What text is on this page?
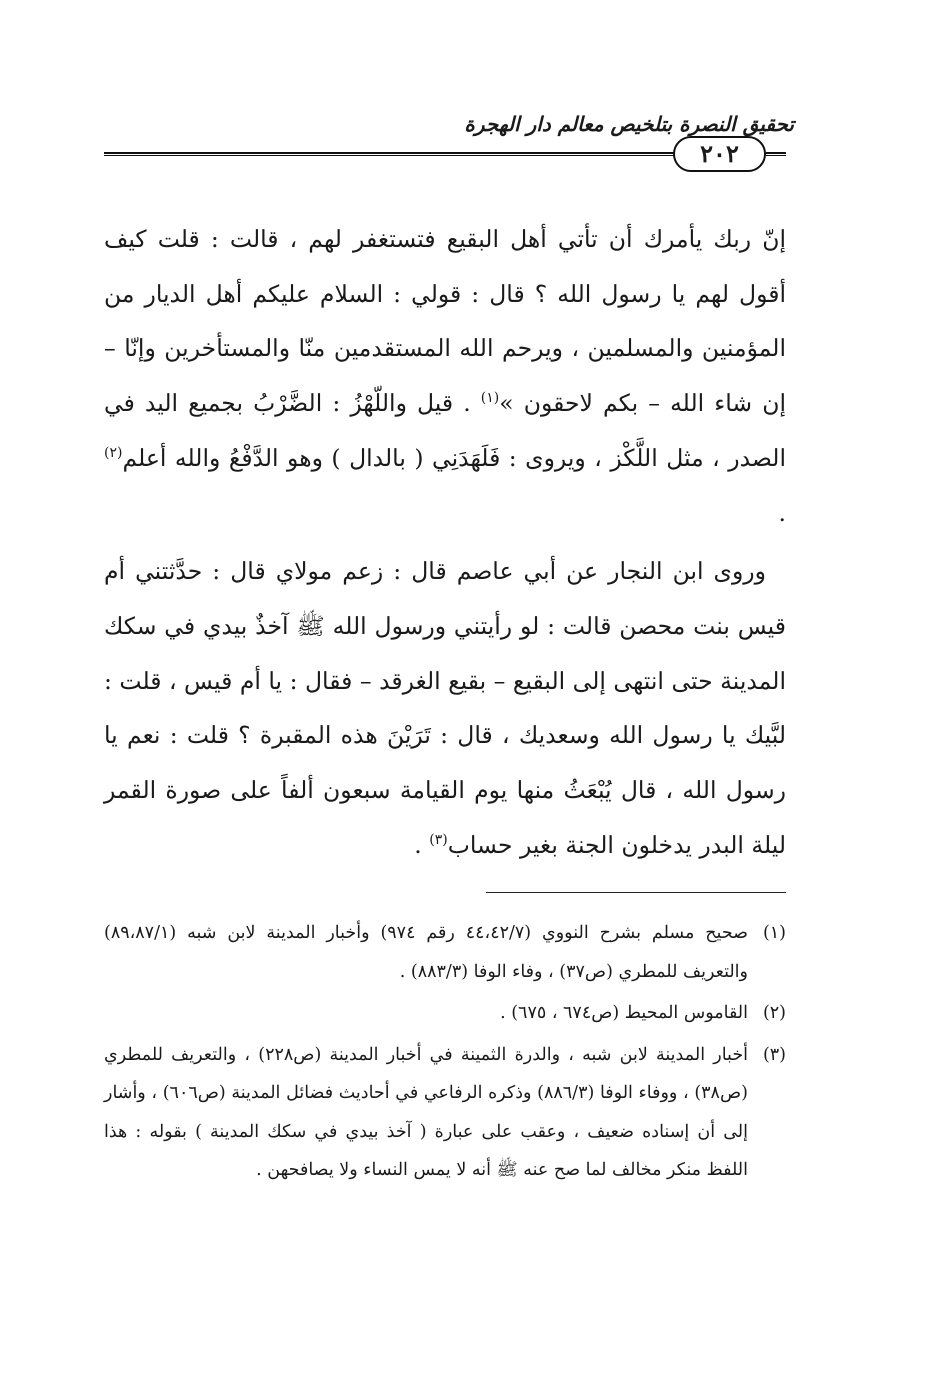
تحقيق النصرة بتلخيص معالم دار الهجرة
٢٠٢

إنّ ربك يأمرك أن تأتي أهل البقيع فتستغفر لهم ، قالت : قلت كيف أقول لهم يا رسول الله ؟ قال : قولي : السلام عليكم أهل الديار من المؤمنين والمسلمين ، ويرحم الله المستقدمين منّا والمستأخرين وإنّا – إن شاء الله – بكم لاحقون »$^{(١)}$ . قيل واللّهْزُ : الضَّرْبُ بجميع اليد في الصدر ، مثل اللَّكْز ، ويروى : فَلَهَدَنِي ( بالدال ) وهو الدَّفْعُ والله أعلم$^{(٢)}$ .

وروى ابن النجار عن أبي عاصم قال : زعم مولاي قال : حدَّثتني أم قيس بنت محصن قالت : لو رأيتني ورسول الله ﷺ آخذٌ بيدي في سكك المدينة حتى انتهى إلى البقيع – بقيع الغرقد – فقال : يا أم قيس ، قلت : لبَّيك يا رسول الله وسعديك ، قال : تَرَيْنَ هذه المقبرة ؟ قلت : نعم يا رسول الله ، قال يُبْعَثُ منها يوم القيامة سبعون ألفاً على صورة القمر ليلة البدر يدخلون الجنة بغير حساب$^{(٣)}$ .

(١)
صحيح مسلم بشرح النووي (٤٤،٤٢/٧ رقم ٩٧٤) وأخبار المدينة لابن شبه (٨٩،٨٧/١) والتعريف للمطري (ص٣٧) ، وفاء الوفا (٨٨٣/٣) .
(٢)
القاموس المحيط (ص٦٧٤ ، ٦٧٥) .
(٣)
أخبار المدينة لابن شبه ، والدرة الثمينة في أخبار المدينة (ص٢٢٨) ، والتعريف للمطري (ص٣٨) ، ووفاء الوفا (٨٨٦/٣) وذكره الرفاعي في أحاديث فضائل المدينة (ص٦٠٦) ، وأشار إلى أن إسناده ضعيف ، وعقب على عبارة ( آخذ بيدي في سكك المدينة ) بقوله : هذا اللفظ منكر مخالف لما صح عنه ﷺ أنه لا يمس النساء ولا يصافحهن .
